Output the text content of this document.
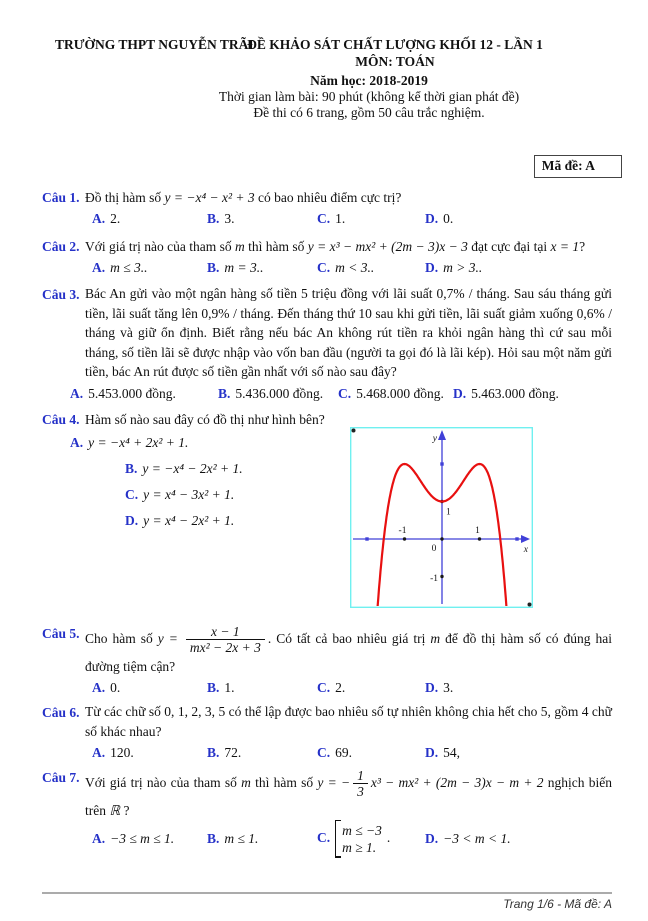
TRƯỜNG THPT NGUYỄN TRÃI
ĐỀ KHẢO SÁT CHẤT LƯỢNG KHỐI 12 - LẦN 1
MÔN: TOÁN
Năm học: 2018-2019
Thời gian làm bài: 90 phút (không kể thời gian phát đề)
Đề thi có 6 trang, gồm 50 câu trắc nghiệm.
Mã đề: A
Câu 1. Đồ thị hàm số y = −x⁴ − x² + 3 có bao nhiêu điểm cực trị?
A. 2.	B. 3.	C. 1.	D. 0.
Câu 2. Với giá trị nào của tham số m thì hàm số y = x³ − mx² + (2m − 3)x − 3 đạt cực đại tại x = 1?
A. m ≤ 3..	B. m = 3..	C. m < 3..	D. m > 3..
Câu 3. Bác An gửi vào một ngân hàng số tiền 5 triệu đồng với lãi suất 0,7% / tháng. Sau sáu tháng gửi tiền, lãi suất tăng lên 0,9% / tháng. Đến tháng thứ 10 sau khi gửi tiền, lãi suất giảm xuống 0,6% / tháng và giữ ổn định. Biết rằng nếu bác An không rút tiền ra khỏi ngân hàng thì cứ sau mỗi tháng, số tiền lãi sẽ được nhập vào vốn ban đầu (người ta gọi đó là lãi kép). Hỏi sau một năm gửi tiền, bác An rút được số tiền gần nhất với số nào sau đây?
A. 5.453.000 đồng.	B. 5.436.000 đồng.	C. 5.468.000 đồng. D. 5.463.000 đồng.
Câu 4. Hàm số nào sau đây có đồ thị như hình bên?
A. y = −x⁴ + 2x² + 1.
B. y = −x⁴ − 2x² + 1.
C. y = x⁴ − 3x² + 1.
D. y = x⁴ − 2x² + 1.
-1	1
1
-1
0	x
y
Câu 5. Cho hàm số $y = \frac{x - 1}{\text{mx² − 2x + 3}}$ . Có tất cả bao nhiêu giá trị m để đồ thị hàm số có đúng hai đường tiệm cận?
A. 0.	B. 1.	C. 2.	D. 3.
Câu 6. Từ các chữ số 0, 1, 2, 3, 5 có thể lập được bao nhiêu số tự nhiên không chia hết cho 5, gồm 4 chữ số khác nhau?
A. 120.	B. 72.	C. 69.	D. 54,
Câu 7. Với giá trị nào của tham số m thì hàm số y = − $\frac{1}{3} x^3 - mx^2 + (2m - 3)x - m + 2$ nghịch biến trên ℝ ?
A. −3 ≤ m ≤ 1.	B. m ≤ 1.	C. m ≤ −3
m ≥ 1.
.	D. −3 < m < 1.
Trang 1/6 - Mã đề: A
